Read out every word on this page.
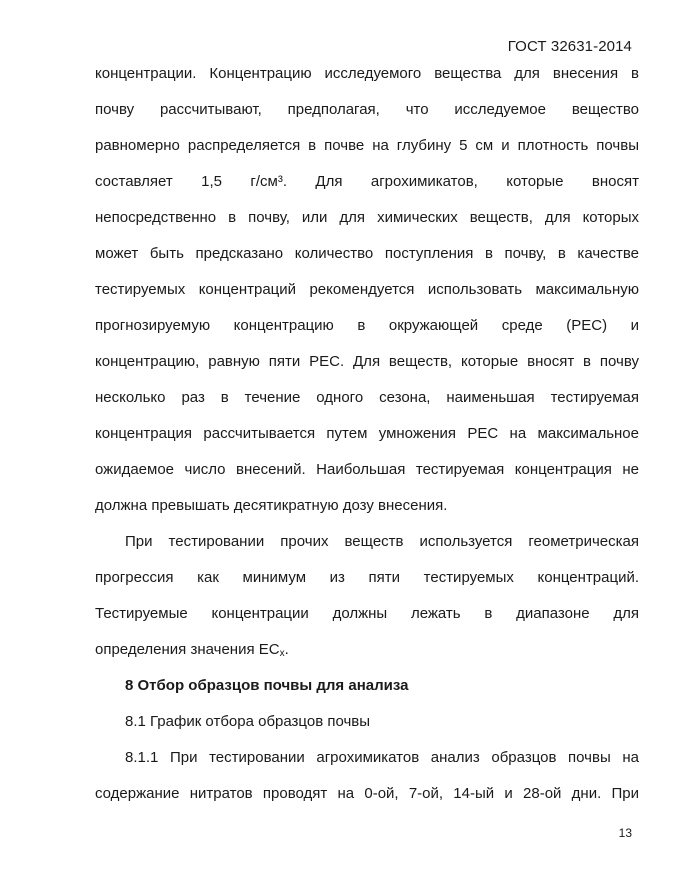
ГОСТ 32631-2014
концентрации. Концентрацию исследуемого вещества для внесения в
почву рассчитывают, предполагая, что исследуемое вещество
равномерно распределяется в почве на глубину 5 см и плотность почвы
составляет 1,5 г/см³. Для агрохимикатов, которые вносят
непосредственно в почву, или для химических веществ, для которых
может быть предсказано количество поступления в почву, в качестве
тестируемых концентраций рекомендуется использовать максимальную
прогнозируемую концентрацию в окружающей среде (PEC) и
концентрацию, равную пяти PEC. Для веществ, которые вносят в почву
несколько раз в течение одного сезона, наименьшая тестируемая
концентрация рассчитывается путем умножения PEC на максимальное
ожидаемое число внесений. Наибольшая тестируемая концентрация не
должна превышать десятикратную дозу внесения.
При тестировании прочих веществ используется геометрическая
прогрессия как минимум из пяти тестируемых концентраций.
Тестируемые концентрации должны лежать в диапазоне для
определения значения $EC_x$.
8 Отбор образцов почвы для анализа
8.1 График отбора образцов почвы
8.1.1 При тестировании агрохимикатов анализ образцов почвы на
содержание нитратов проводят на 0-ой, 7-ой, 14-ый и 28-ой дни. При
13
